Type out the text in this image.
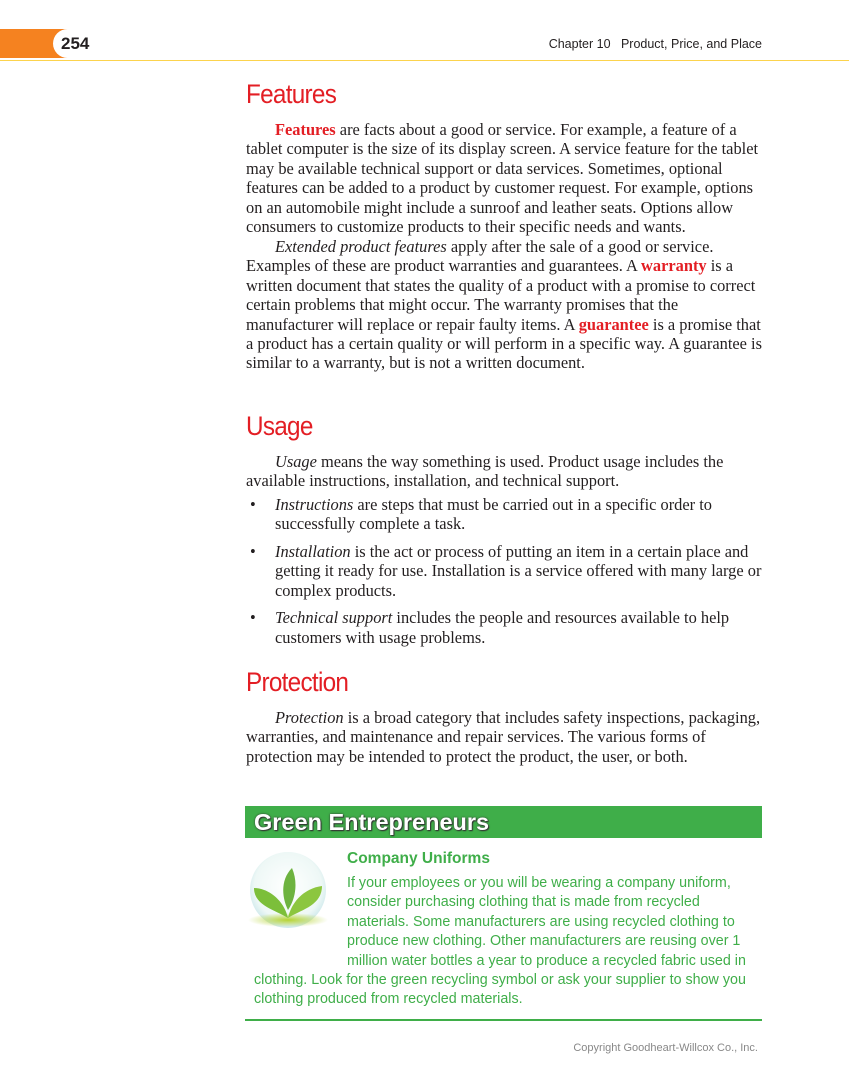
254	Chapter 10   Product, Price, and Place
Features

Features are facts about a good or service. For example, a feature of a tablet computer is the size of its display screen. A service feature for the tablet may be available technical support or data services. Sometimes, optional features can be added to a product by customer request. For example, options on an automobile might include a sunroof and leather seats. Options allow consumers to customize products to their specific needs and wants.

Extended product features apply after the sale of a good or service. Examples of these are product warranties and guarantees. A warranty is a written document that states the quality of a product with a promise to correct certain problems that might occur. The warranty promises that the manufacturer will replace or repair faulty items. A guarantee is a promise that a product has a certain quality or will perform in a specific way. A guarantee is similar to a warranty, but is not a written document.

Usage

Usage means the way something is used. Product usage includes the available instructions, installation, and technical support.

• Instructions are steps that must be carried out in a specific order to successfully complete a task.
• Installation is the act or process of putting an item in a certain place and getting it ready for use. Installation is a service offered with many large or complex products.
• Technical support includes the people and resources available to help customers with usage problems.
Protection

Protection is a broad category that includes safety inspections, packaging, warranties, and maintenance and repair services. The various forms of protection may be intended to protect the product, the user, or both.

Green Entrepreneurs
Company Uniforms
If your employees or you will be wearing a company uniform, consider purchasing clothing that is made from recycled materials. Some manufacturers are using recycled clothing to produce new clothing. Other manufacturers are reusing over 1 million water bottles a year to produce a recycled fabric used in clothing. Look for the green recycling symbol or ask your supplier to show you clothing produced from recycled materials.
Copyright Goodheart-Willcox Co., Inc.
